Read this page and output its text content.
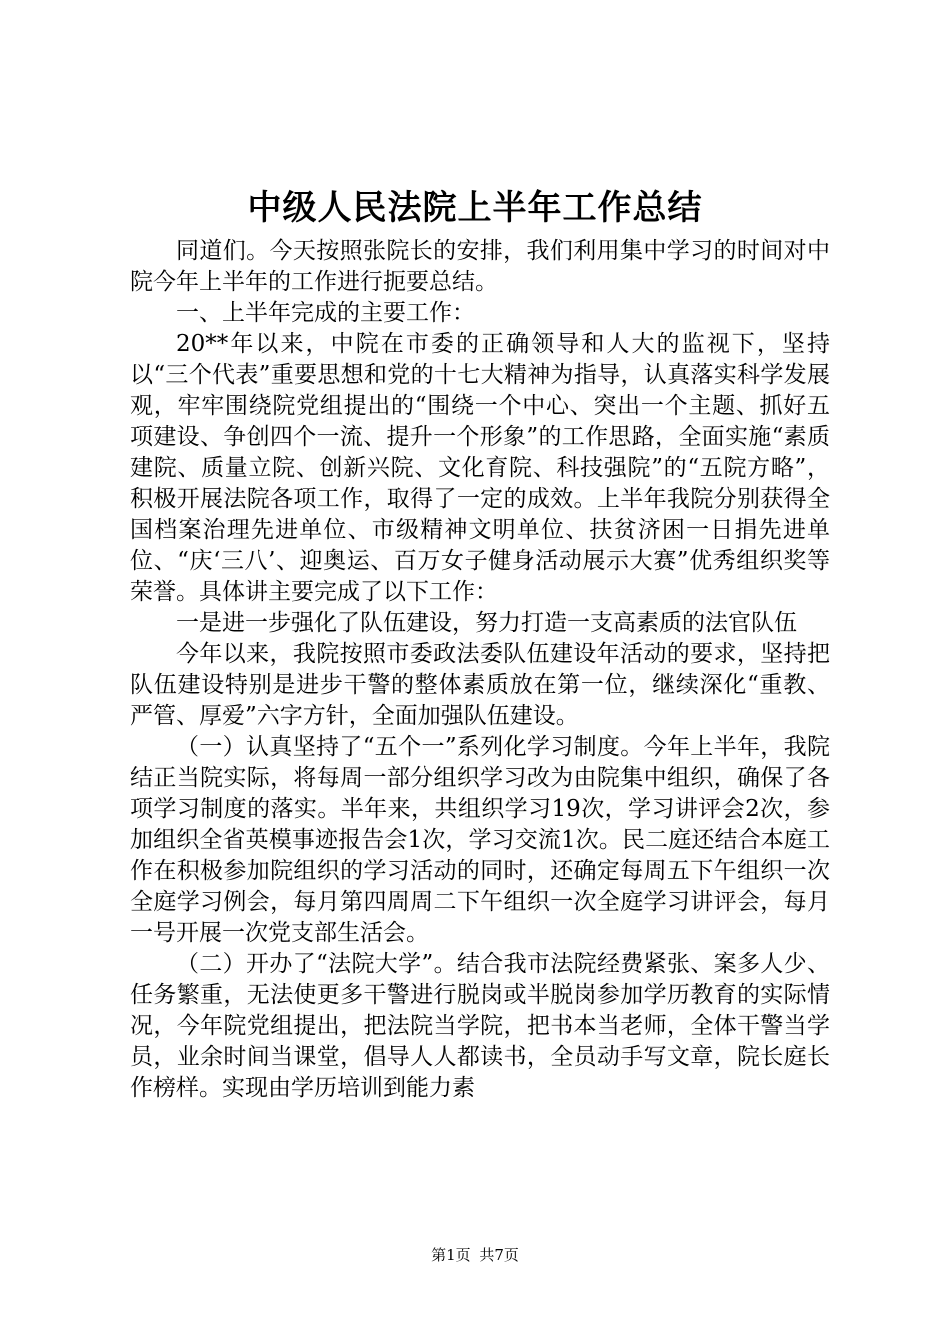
中级人民法院上半年工作总结

同道们。今天按照张院长的安排，我们利用集中学习的时间对中院今年上半年的工作进行扼要总结。

一、上半年完成的主要工作：

20**年以来，中院在市委的正确领导和人大的监视下，坚持以“三个代表”重要思想和党的十七大精神为指导，认真落实科学发展观，牢牢围绕院党组提出的“围绕一个中心、突出一个主题、抓好五项建设、争创四个一流、提升一个形象”的工作思路，全面实施“素质建院、质量立院、创新兴院、文化育院、科技强院”的“五院方略”，积极开展法院各项工作，取得了一定的成效。上半年我院分别获得全国档案治理先进单位、市级精神文明单位、扶贫济困一日捐先进单位、“庆‘三八’、迎奥运、百万女子健身活动展示大赛”优秀组织奖等荣誉。具体讲主要完成了以下工作：

一是进一步强化了队伍建设，努力打造一支高素质的法官队伍

今年以来，我院按照市委政法委队伍建设年活动的要求，坚持把队伍建设特别是进步干警的整体素质放在第一位，继续深化“重教、严管、厚爱”六字方针，全面加强队伍建设。

（一）认真坚持了“五个一”系列化学习制度。今年上半年，我院结正当院实际，将每周一部分组织学习改为由院集中组织，确保了各项学习制度的落实。半年来，共组织学习19次，学习讲评会2次，参加组织全省英模事迹报告会1次，学习交流1次。民二庭还结合本庭工作在积极参加院组织的学习活动的同时，还确定每周五下午组织一次全庭学习例会，每月第四周周二下午组织一次全庭学习讲评会，每月一号开展一次党支部生活会。

（二）开办了“法院大学”。结合我市法院经费紧张、案多人少、任务繁重，无法使更多干警进行脱岗或半脱岗参加学历教育的实际情况，今年院党组提出，把法院当学院，把书本当老师，全体干警当学员，业余时间当课堂，倡导人人都读书，全员动手写文章，院长庭长作榜样。实现由学历培训到能力素

第1页 共7页
